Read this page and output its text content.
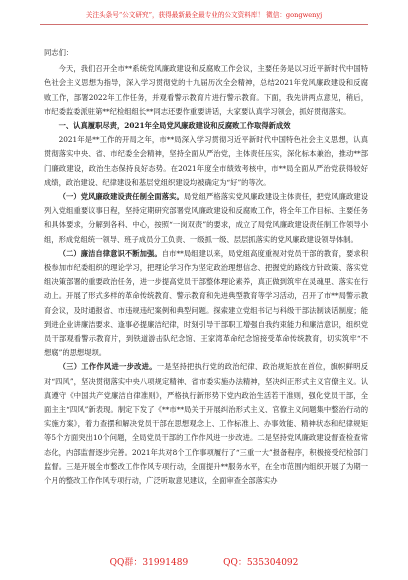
关注头条号“公文研究”，获得最新最全最专业的公文资料库！ 微信：gongwenyj

同志们：

今天，我们召开全市**系统党风廉政建设和反腐败工作会议，主要任务是以习近平新时代中国特色社会主义思想为指导，深入学习贯彻党的十九届历次全会精神，总结2021年党风廉政建设和反腐败工作，部署2022年工作任务，并观看警示教育片进行警示教育。下面，我先讲两点意见，稍后，市纪委监委派驻第**纪检组组长**同志还要作重要讲话，大家要认真学习领会，抓好贯彻落实。

一、认真履职尽责，2021年全局党风廉政建设和反腐败工作取得新成效

2021年是**工作的开局之年，市**局深入学习贯彻习近平新时代中国特色社会主义思想，认真贯彻落实中央、省、市纪委全会精神，坚持全面从严治党，主体责任压实，深化标本兼治，推动**部门廉政建设，政治生态保持良好态势。在2021年度全市绩效考核中，市**局全面从严治党获得较好成绩，政治建设、纪律建设和基层党组织建设均被确定为“好”的等次。

（一）党风廉政建设责任制全面落实。局党组严格落实党风廉政建设主体责任，把党风廉政建设列入党组重要议事日程，坚持定期研究部署党风廉政建设和反腐败工作，将全年工作目标、主要任务和具体要求，分解到各科、中心，按照“一岗双责”的要求，成立了局党风廉政建设责任制工作领导小组，形成党组统一领导、班子成员分工负责、一级抓一级、层层抓落实的党风廉政建设领导体制。

（二）廉洁自律意识不断加强。自市**局组建以来，局党组高度重视对党员干部的教育，要求积极参加市纪委组织的理论学习，把理论学习作为坚定政治理想信念、把握党的路线方针政策、落实党组决策部署的重要政治任务，进一步提高党员干部整体理论素养，真正做到筑牢在灵魂里、落实在行动上。开展了形式多样的革命传统教育、警示教育和先进典型教育等学习活动，召开了市**局警示教育会议，及时通报省、市违规违纪案例和典型问题。探索建立党组书记与科级干部法制谈话制度；能到进企业讲廉洁要求、逢事必提廉洁纪律，时刻引导干部职工增强自我约束能力和廉洁意识，组织党员干部观看警示教育片，到铁道游击队纪念馆、王家湾革命纪念馆接受革命传统教育，切实筑牢“不想腐”的思想堤坝。

（三）工作作风进一步改进。一是坚持把执行党的政治纪律、政治规矩放在首位，旗帜鲜明反对“四风”，坚决贯彻落实中央八项规定精神、省市委实施办法精神，坚决纠正形式主义官僚主义。认真遵守《中国共产党廉洁自律准则》，严格执行新形势下党内政治生活若干准则，强化党员干部，全面主主“四风”新表现。制定下发了《**市**局关于开展纠治形式主义、官僚主义问题集中整治行动的实施方案》，着力查摆和解决党员干部在思想观念上、工作标准上、办事效能、精神状态和纪律规矩等5个方面突出10个问题，全局党员干部的工作作风进一步改进。二是坚持党风廉政建设督查检查常态化，内部监督逐步完善。2021年共对8个工作事项履行了“三重一大”报备程序，积极接受纪检部门监督。三是开展全市整改工作作风专项行动，全面提升**服务水平，在全市范围内组织开展了为期一个月的整改工作作风专项行动，广泛听取意见建议，全面审查全部落实办

QQ群：31991489	QQ：535304092
